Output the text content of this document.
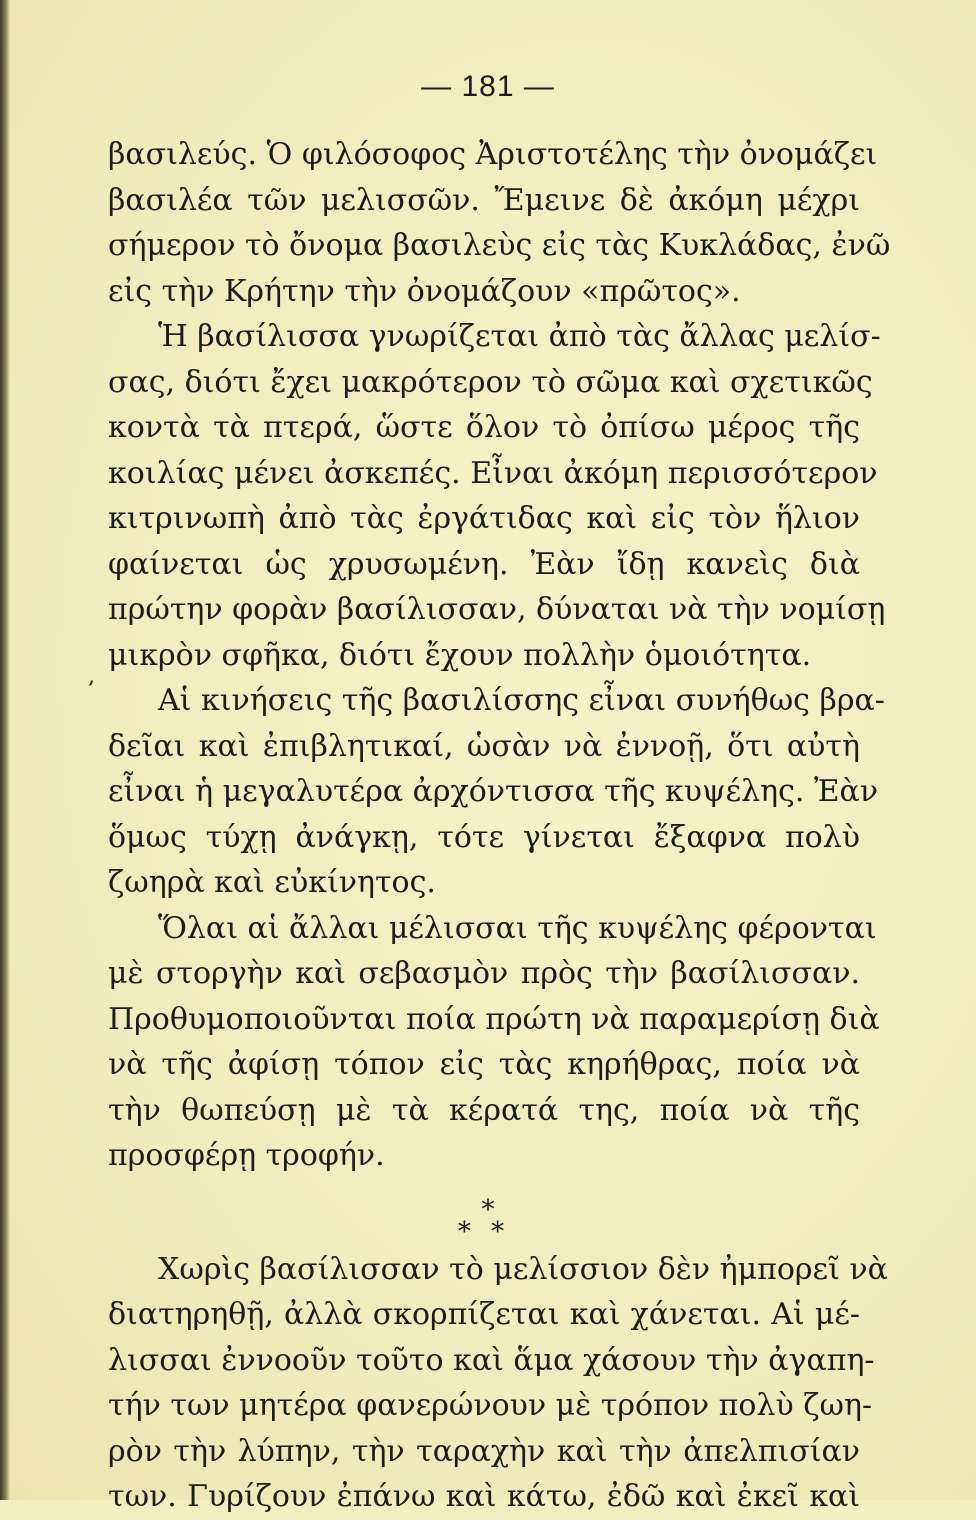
— 181 —
,
βασιλεύς. Ὁ φιλόσοφος Ἀριστοτέλης τὴν ὀνομάζει
βασιλέα τῶν μελισσῶν. Ἔμεινε δὲ ἀκόμη μέχρι
σήμερον τὸ ὄνομα βασιλεὺς εἰς τὰς Κυκλάδας, ἐνῶ
εἰς τὴν Κρήτην τὴν ὀνομάζουν «πρῶτος».
Ἡ βασίλισσα γνωρίζεται ἀπὸ τὰς ἄλλας μελίσ-
σας, διότι ἔχει μακρότερον τὸ σῶμα καὶ σχετικῶς
κοντὰ τὰ πτερά, ὥστε ὅλον τὸ ὀπίσω μέρος τῆς
κοιλίας μένει ἀσκεπές. Εἶναι ἀκόμη περισσότερον
κιτρινωπὴ ἀπὸ τὰς ἐργάτιδας καὶ εἰς τὸν ἥλιον
φαίνεται ὡς χρυσωμένη. Ἐὰν ἴδῃ κανεὶς διὰ
πρώτην φορὰν βασίλισσαν, δύναται νὰ τὴν νομίσῃ
μικρὸν σφῆκα, διότι ἔχουν πολλὴν ὁμοιότητα.
Αἱ κινήσεις τῆς βασιλίσσης εἶναι συνήθως βρα-
δεῖαι καὶ ἐπιβλητικαί, ὡσὰν νὰ ἐννοῇ, ὅτι αὐτὴ
εἶναι ἡ μεγαλυτέρα ἀρχόντισσα τῆς κυψέλης. Ἐὰν
ὅμως τύχῃ ἀνάγκῃ, τότε γίνεται ἔξαφνα πολὺ
ζωηρὰ καὶ εὐκίνητος.
Ὅλαι αἱ ἄλλαι μέλισσαι τῆς κυψέλης φέρονται
μὲ στοργὴν καὶ σεβασμὸν πρὸς τὴν βασίλισσαν.
Προθυμοποιοῦνται ποία πρώτη νὰ παραμερίσῃ διὰ
νὰ τῆς ἀφίσῃ τόπον εἰς τὰς κηρήθρας, ποία νὰ
τὴν θωπεύσῃ μὲ τὰ κέρατά της, ποία νὰ τῆς
προσφέρῃ τροφήν.
*
* *
Χωρὶς βασίλισσαν τὸ μελίσσιον δὲν ἠμπορεῖ νὰ
διατηρηθῇ, ἀλλὰ σκορπίζεται καὶ χάνεται. Αἱ μέ-
λισσαι ἐννοοῦν τοῦτο καὶ ἅμα χάσουν τὴν ἀγαπη-
τήν των μητέρα φανερώνουν μὲ τρόπον πολὺ ζωη-
ρὸν τὴν λύπην, τὴν ταραχὴν καὶ τὴν ἀπελπισίαν
των. Γυρίζουν ἐπάνω καὶ κάτω, ἐδῶ καὶ ἐκεῖ καὶ
